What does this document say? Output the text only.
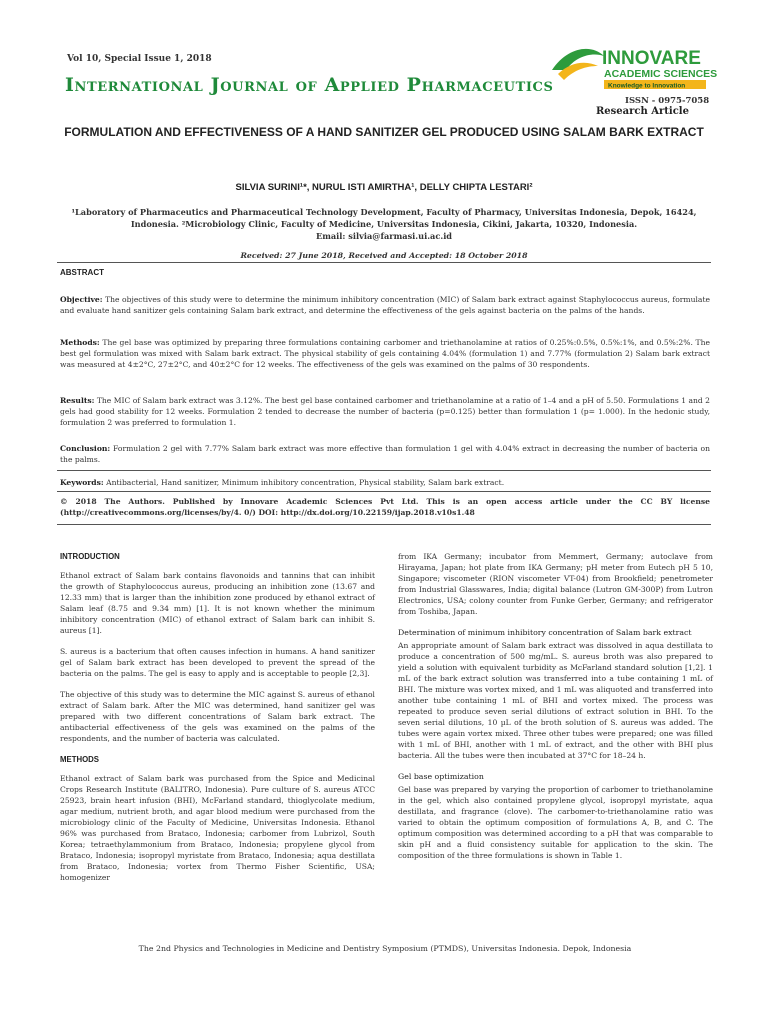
Vol 10, Special Issue 1, 2018
International Journal of Applied Pharmaceutics
INNOVARE
ACADEMIC SCIENCES
Knowledge to Innovation
ISSN - 0975-7058
Research Article
FORMULATION AND EFFECTIVENESS OF A HAND SANITIZER GEL PRODUCED USING SALAM BARK EXTRACT
SILVIA SURINI¹*, NURUL ISTI AMIRTHA¹, DELLY CHIPTA LESTARI²
¹Laboratory of Pharmaceutics and Pharmaceutical Technology Development, Faculty of Pharmacy, Universitas Indonesia, Depok, 16424, Indonesia. ²Microbiology Clinic, Faculty of Medicine, Universitas Indonesia, Cikini, Jakarta, 10320, Indonesia.
Email: silvia@farmasi.ui.ac.id
Received: 27 June 2018, Received and Accepted: 18 October 2018
ABSTRACT
Objective: The objectives of this study were to determine the minimum inhibitory concentration (MIC) of Salam bark extract against Staphylococcus aureus, formulate and evaluate hand sanitizer gels containing Salam bark extract, and determine the effectiveness of the gels against bacteria on the palms of the hands.
Methods: The gel base was optimized by preparing three formulations containing carbomer and triethanolamine at ratios of 0.25%:0.5%, 0.5%:1%, and 0.5%:2%. The best gel formulation was mixed with Salam bark extract. The physical stability of gels containing 4.04% (formulation 1) and 7.77% (formulation 2) Salam bark extract was measured at 4±2°C, 27±2°C, and 40±2°C for 12 weeks. The effectiveness of the gels was examined on the palms of 30 respondents.
Results: The MIC of Salam bark extract was 3.12%. The best gel base contained carbomer and triethanolamine at a ratio of 1–4 and a pH of 5.50. Formulations 1 and 2 gels had good stability for 12 weeks. Formulation 2 tended to decrease the number of bacteria (p=0.125) better than formulation 1 (p= 1.000). In the hedonic study, formulation 2 was preferred to formulation 1.
Conclusion: Formulation 2 gel with 7.77% Salam bark extract was more effective than formulation 1 gel with 4.04% extract in decreasing the number of bacteria on the palms.
Keywords: Antibacterial, Hand sanitizer, Minimum inhibitory concentration, Physical stability, Salam bark extract.
© 2018 The Authors. Published by Innovare Academic Sciences Pvt Ltd. This is an open access article under the CC BY license (http://creativecommons.org/licenses/by/4. 0/) DOI: http://dx.doi.org/10.22159/ijap.2018.v10s1.48
INTRODUCTION

Ethanol extract of Salam bark contains flavonoids and tannins that can inhibit the growth of Staphylococcus aureus, producing an inhibition zone (13.67 and 12.33 mm) that is larger than the inhibition zone produced by ethanol extract of Salam leaf (8.75 and 9.34 mm) [1]. It is not known whether the minimum inhibitory concentration (MIC) of ethanol extract of Salam bark can inhibit S. aureus [1].

S. aureus is a bacterium that often causes infection in humans. A hand sanitizer gel of Salam bark extract has been developed to prevent the spread of the bacteria on the palms. The gel is easy to apply and is acceptable to people [2,3].

The objective of this study was to determine the MIC against S. aureus of ethanol extract of Salam bark. After the MIC was determined, hand sanitizer gel was prepared with two different concentrations of Salam bark extract. The antibacterial effectiveness of the gels was examined on the palms of the respondents, and the number of bacteria was calculated.

METHODS

Ethanol extract of Salam bark was purchased from the Spice and Medicinal Crops Research Institute (BALITRO, Indonesia). Pure culture of S. aureus ATCC 25923, brain heart infusion (BHI), McFarland standard, thioglycolate medium, agar medium, nutrient broth, and agar blood medium were purchased from the microbiology clinic of the Faculty of Medicine, Universitas Indonesia. Ethanol 96% was purchased from Brataco, Indonesia; carbomer from Lubrizol, South Korea; tetraethylammonium from Brataco, Indonesia; propylene glycol from Brataco, Indonesia; isopropyl myristate from Brataco, Indonesia; aqua destillata from Brataco, Indonesia; vortex from Thermo Fisher Scientific, USA; homogenizer

from IKA Germany; incubator from Memmert, Germany; autoclave from Hirayama, Japan; hot plate from IKA Germany; pH meter from Eutech pH 5 10, Singapore; viscometer (RION viscometer VT-04) from Brookfield; penetrometer from Industrial Glasswares, India; digital balance (Lutron GM-300P) from Lutron Electronics, USA; colony counter from Funke Gerber, Germany; and refrigerator from Toshiba, Japan.

Determination of minimum inhibitory concentration of Salam bark extract

An appropriate amount of Salam bark extract was dissolved in aqua destillata to produce a concentration of 500 mg/mL. S. aureus broth was also prepared to yield a solution with equivalent turbidity as McFarland standard solution [1,2]. 1 mL of the bark extract solution was transferred into a tube containing 1 mL of BHI. The mixture was vortex mixed, and 1 mL was aliquoted and transferred into another tube containing 1 mL of BHI and vortex mixed. The process was repeated to produce seven serial dilutions of extract solution in BHI. To the seven serial dilutions, 10 µL of the broth solution of S. aureus was added. The tubes were again vortex mixed. Three other tubes were prepared; one was filled with 1 mL of BHI, another with 1 mL of extract, and the other with BHI plus bacteria. All the tubes were then incubated at 37°C for 18–24 h.

Gel base optimization

Gel base was prepared by varying the proportion of carbomer to triethanolamine in the gel, which also contained propylene glycol, isopropyl myristate, aqua destillata, and fragrance (clove). The carbomer-to-triethanolamine ratio was varied to obtain the optimum composition of formulations A, B, and C. The optimum composition was determined according to a pH that was comparable to skin pH and a fluid consistency suitable for application to the skin. The composition of the three formulations is shown in Table 1.

The 2nd Physics and Technologies in Medicine and Dentistry Symposium (PTMDS), Universitas Indonesia. Depok, Indonesia
